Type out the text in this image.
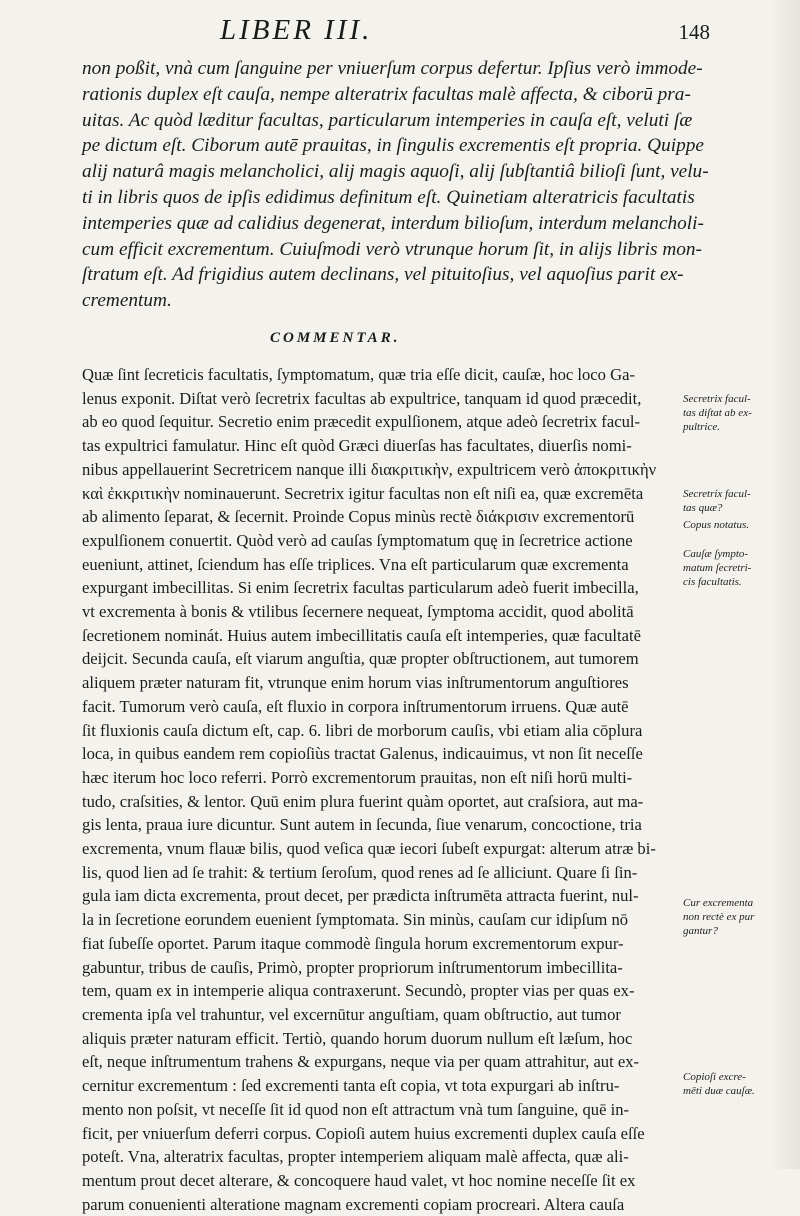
LIBER III.	148

non poßit, vnà cum ſanguine per vniuerſum corpus defertur. Ipſius verò immode-
rationis duplex eſt cauſa, nempe alteratrix facultas malè affecta, & ciborū pra-
uitas. Ac quòd læditur facultas, particularum intemperies in cauſa eſt, veluti ſæ
pe dictum eſt. Ciborum autē prauitas, in ſingulis excrementis eſt propria. Quippe
alij naturâ magis melancholici, alij magis aquoſi, alij ſubſtantiâ bilioſi ſunt, velu-
ti in libris quos de ipſis edidimus definitum eſt. Quinetiam alteratricis facultatis
intemperies quæ ad calidius degenerat, interdum bilioſum, interdum melancholi-
cum efficit excrementum. Cuiuſmodi verò vtrunque horum ſit, in alijs libris mon-
ſtratum eſt. Ad frigidius autem declinans, vel pituitoſius, vel aquoſius parit ex-
crementum.

COMMENTAR.

Quæ ſint ſecreticis facultatis, ſymptomatum, quæ tria eſſe dicit, cauſæ, hoc loco Ga-
lenus exponit. Diſtat verò ſecretrix facultas ab expultrice, tanquam id quod præcedit,
ab eo quod ſequitur. Secretio enim præcedit expulſionem, atque adeò ſecretrix facul-
tas expultrici famulatur. Hinc eſt quòd Græci diuerſas has facultates, diuerſis nomi-
nibus appellauerint Secretricem nanque illi διακριτικὴν, expultricem verò ἀποκριτικὴν
καὶ ἐκκριτικὴν nominauerunt. Secretrix igitur facultas non eſt niſi ea, quæ excremēta
ab alimento ſeparat, & ſecernit. Proinde Copus minùs rectè διάκρισιν excrementorū
expulſionem conuertit. Quòd verò ad cauſas ſymptomatum quę in ſecretrice actione
eueniunt, attinet, ſciendum has eſſe triplices. Vna eſt particularum quæ excrementa
expurgant imbecillitas. Si enim ſecretrix facultas particularum adeò fuerit imbecilla,
vt excrementa à bonis & vtilibus ſecernere nequeat, ſymptoma accidit, quod abolitā
ſecretionem nominát. Huius autem imbecillitatis cauſa eſt intemperies, quæ facultatē
deijcit. Secunda cauſa, eſt viarum anguſtia, quæ propter obſtructionem, aut tumorem
aliquem præter naturam fit, vtrunque enim horum vias inſtrumentorum anguſtiores
facit. Tumorum verò cauſa, eſt fluxio in corpora inſtrumentorum irruens. Quæ autē
ſit fluxionis cauſa dictum eſt, cap. 6. libri de morborum cauſis, vbi etiam alia cōplura
loca, in quibus eandem rem copioſiùs tractat Galenus, indicauimus, vt non ſit neceſſe
hæc iterum hoc loco referri. Porrò excrementorum prauitas, non eſt niſi horū multi-
tudo, craſsities, & lentor. Quū enim plura fuerint quàm oportet, aut craſsiora, aut ma-
gis lenta, praua iure dicuntur. Sunt autem in ſecunda, ſiue venarum, concoctione, tria
excrementa, vnum flauæ bilis, quod veſica quæ iecori ſubeſt expurgat: alterum atræ bi-
lis, quod lien ad ſe trahit: & tertium ſeroſum, quod renes ad ſe alliciunt. Quare ſi ſin-
gula iam dicta excrementa, prout decet, per prædicta inſtrumēta attracta fuerint, nul-
la in ſecretione eorundem euenient ſymptomata. Sin minùs, cauſam cur idipſum nō
fiat ſubeſſe oportet. Parum itaque commodè ſingula horum excrementorum expur-
gabuntur, tribus de cauſis, Primò, propter propriorum inſtrumentorum imbecillita-
tem, quam ex in intemperie aliqua contraxerunt. Secundò, propter vias per quas ex-
crementa ipſa vel trahuntur, vel excernūtur anguſtiam, quam obſtructio, aut tumor
aliquis præter naturam efficit. Tertiò, quando horum duorum nullum eſt læſum, hoc
eſt, neque inſtrumentum trahens & expurgans, neque via per quam attrahitur, aut ex-
cernitur excrementum : ſed excrementi tanta eſt copia, vt tota expurgari ab inſtru-
mento non poſsit, vt neceſſe ſit id quod non eſt attractum vnà tum ſanguine, quē in-
ficit, per vniuerſum deferri corpus. Copioſi autem huius excrementi duplex cauſa eſſe
poteſt. Vna, alteratrix facultas, propter intemperiem aliquam malè affecta, quæ ali-
mentum prout decet alterare, & concoquere haud valet, vt hoc nomine neceſſe ſit ex
parum conuenienti alteratione magnam excrementi copiam procreari. Altera cauſa

Secretrix facul-
tas diſtat ab ex-
pultrice.
Secretrix facul-
tas quæ?
Copus notatus.
Cauſæ ſympto-
matum ſecretri-
cis facultatis.
Cur excrementa
non rectè ex pur
gantur?
Copioſi excre-
mēti duæ cauſæ.
